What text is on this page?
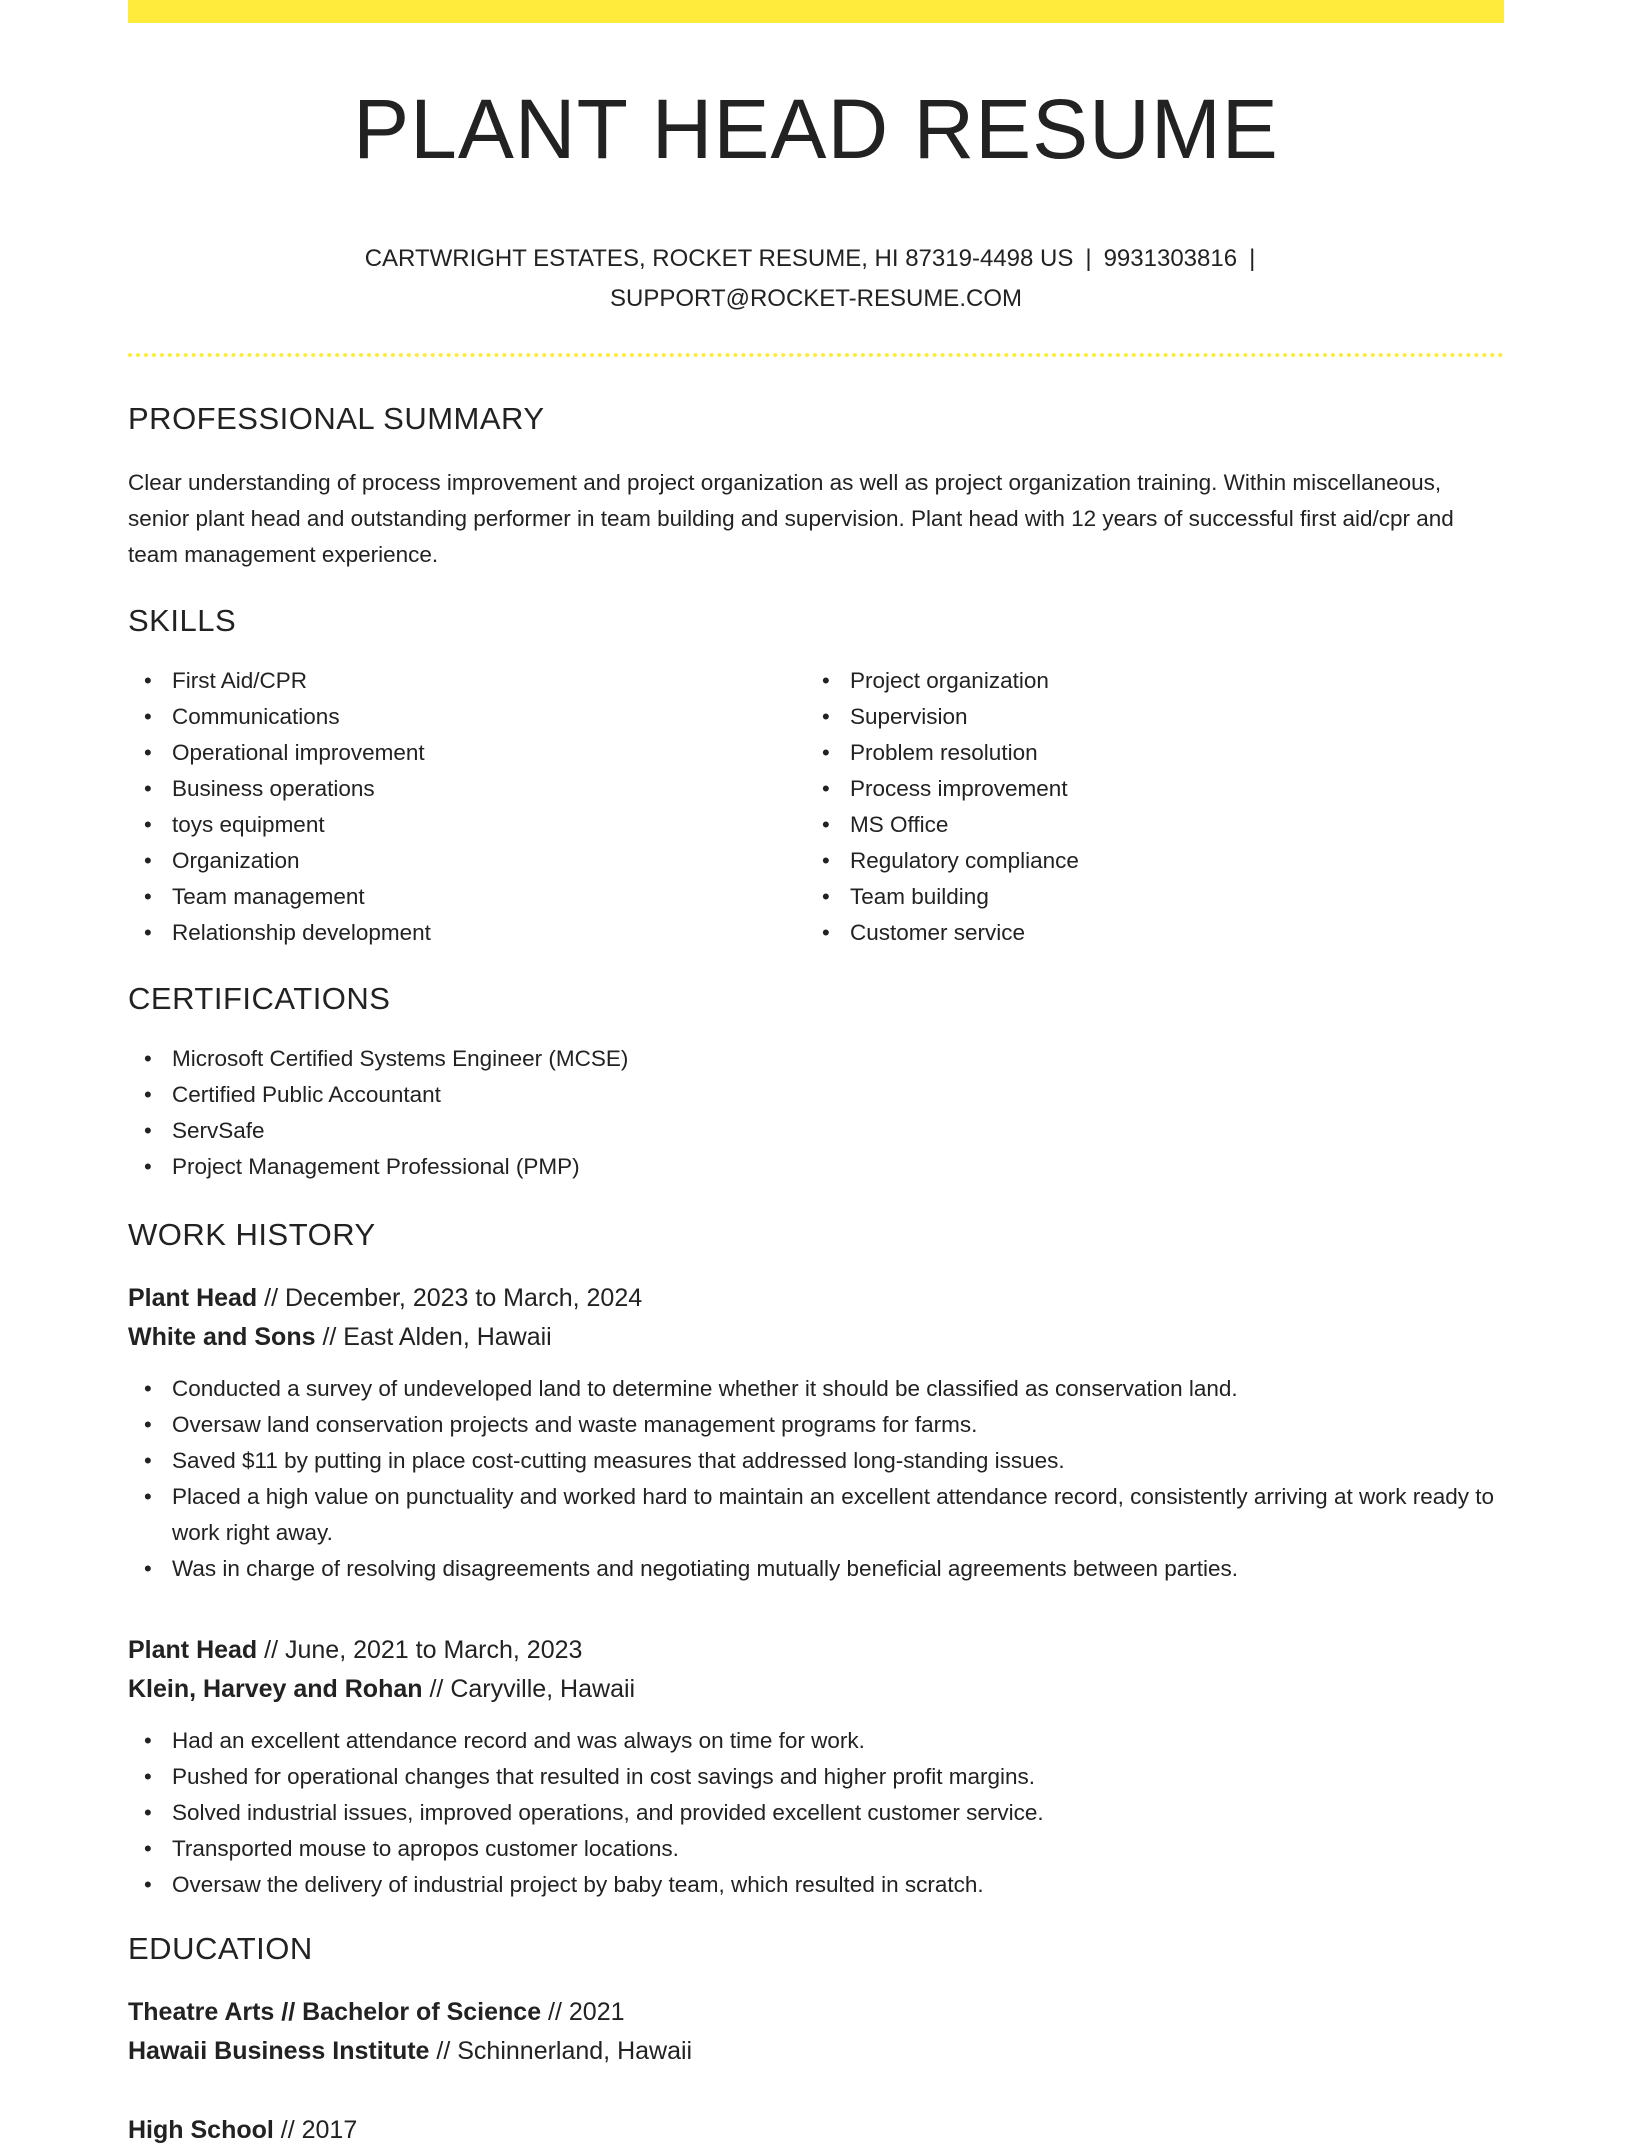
PLANT HEAD RESUME
CARTWRIGHT ESTATES, ROCKET RESUME, HI 87319-4498 US | 9931303816 |
SUPPORT@ROCKET-RESUME.COM
PROFESSIONAL SUMMARY
Clear understanding of process improvement and project organization as well as project organization training. Within miscellaneous, senior plant head and outstanding performer in team building and supervision. Plant head with 12 years of successful first aid/cpr and team management experience.
SKILLS
• First Aid/CPR
• Communications
• Operational improvement
• Business operations
• toys equipment
• Organization
• Team management
• Relationship development
• Project organization
• Supervision
• Problem resolution
• Process improvement
• MS Office
• Regulatory compliance
• Team building
• Customer service
CERTIFICATIONS
• Microsoft Certified Systems Engineer (MCSE)
• Certified Public Accountant
• ServSafe
• Project Management Professional (PMP)
WORK HISTORY
Plant Head // December, 2023 to March, 2024
White and Sons // East Alden, Hawaii
• Conducted a survey of undeveloped land to determine whether it should be classified as conservation land.
• Oversaw land conservation projects and waste management programs for farms.
• Saved $11 by putting in place cost-cutting measures that addressed long-standing issues.
• Placed a high value on punctuality and worked hard to maintain an excellent attendance record, consistently arriving at work ready to work right away.
• Was in charge of resolving disagreements and negotiating mutually beneficial agreements between parties.
Plant Head // June, 2021 to March, 2023
Klein, Harvey and Rohan // Caryville, Hawaii
• Had an excellent attendance record and was always on time for work.
• Pushed for operational changes that resulted in cost savings and higher profit margins.
• Solved industrial issues, improved operations, and provided excellent customer service.
• Transported mouse to apropos customer locations.
• Oversaw the delivery of industrial project by baby team, which resulted in scratch.
EDUCATION
Theatre Arts // Bachelor of Science // 2021
Hawaii Business Institute // Schinnerland, Hawaii
High School // 2017
